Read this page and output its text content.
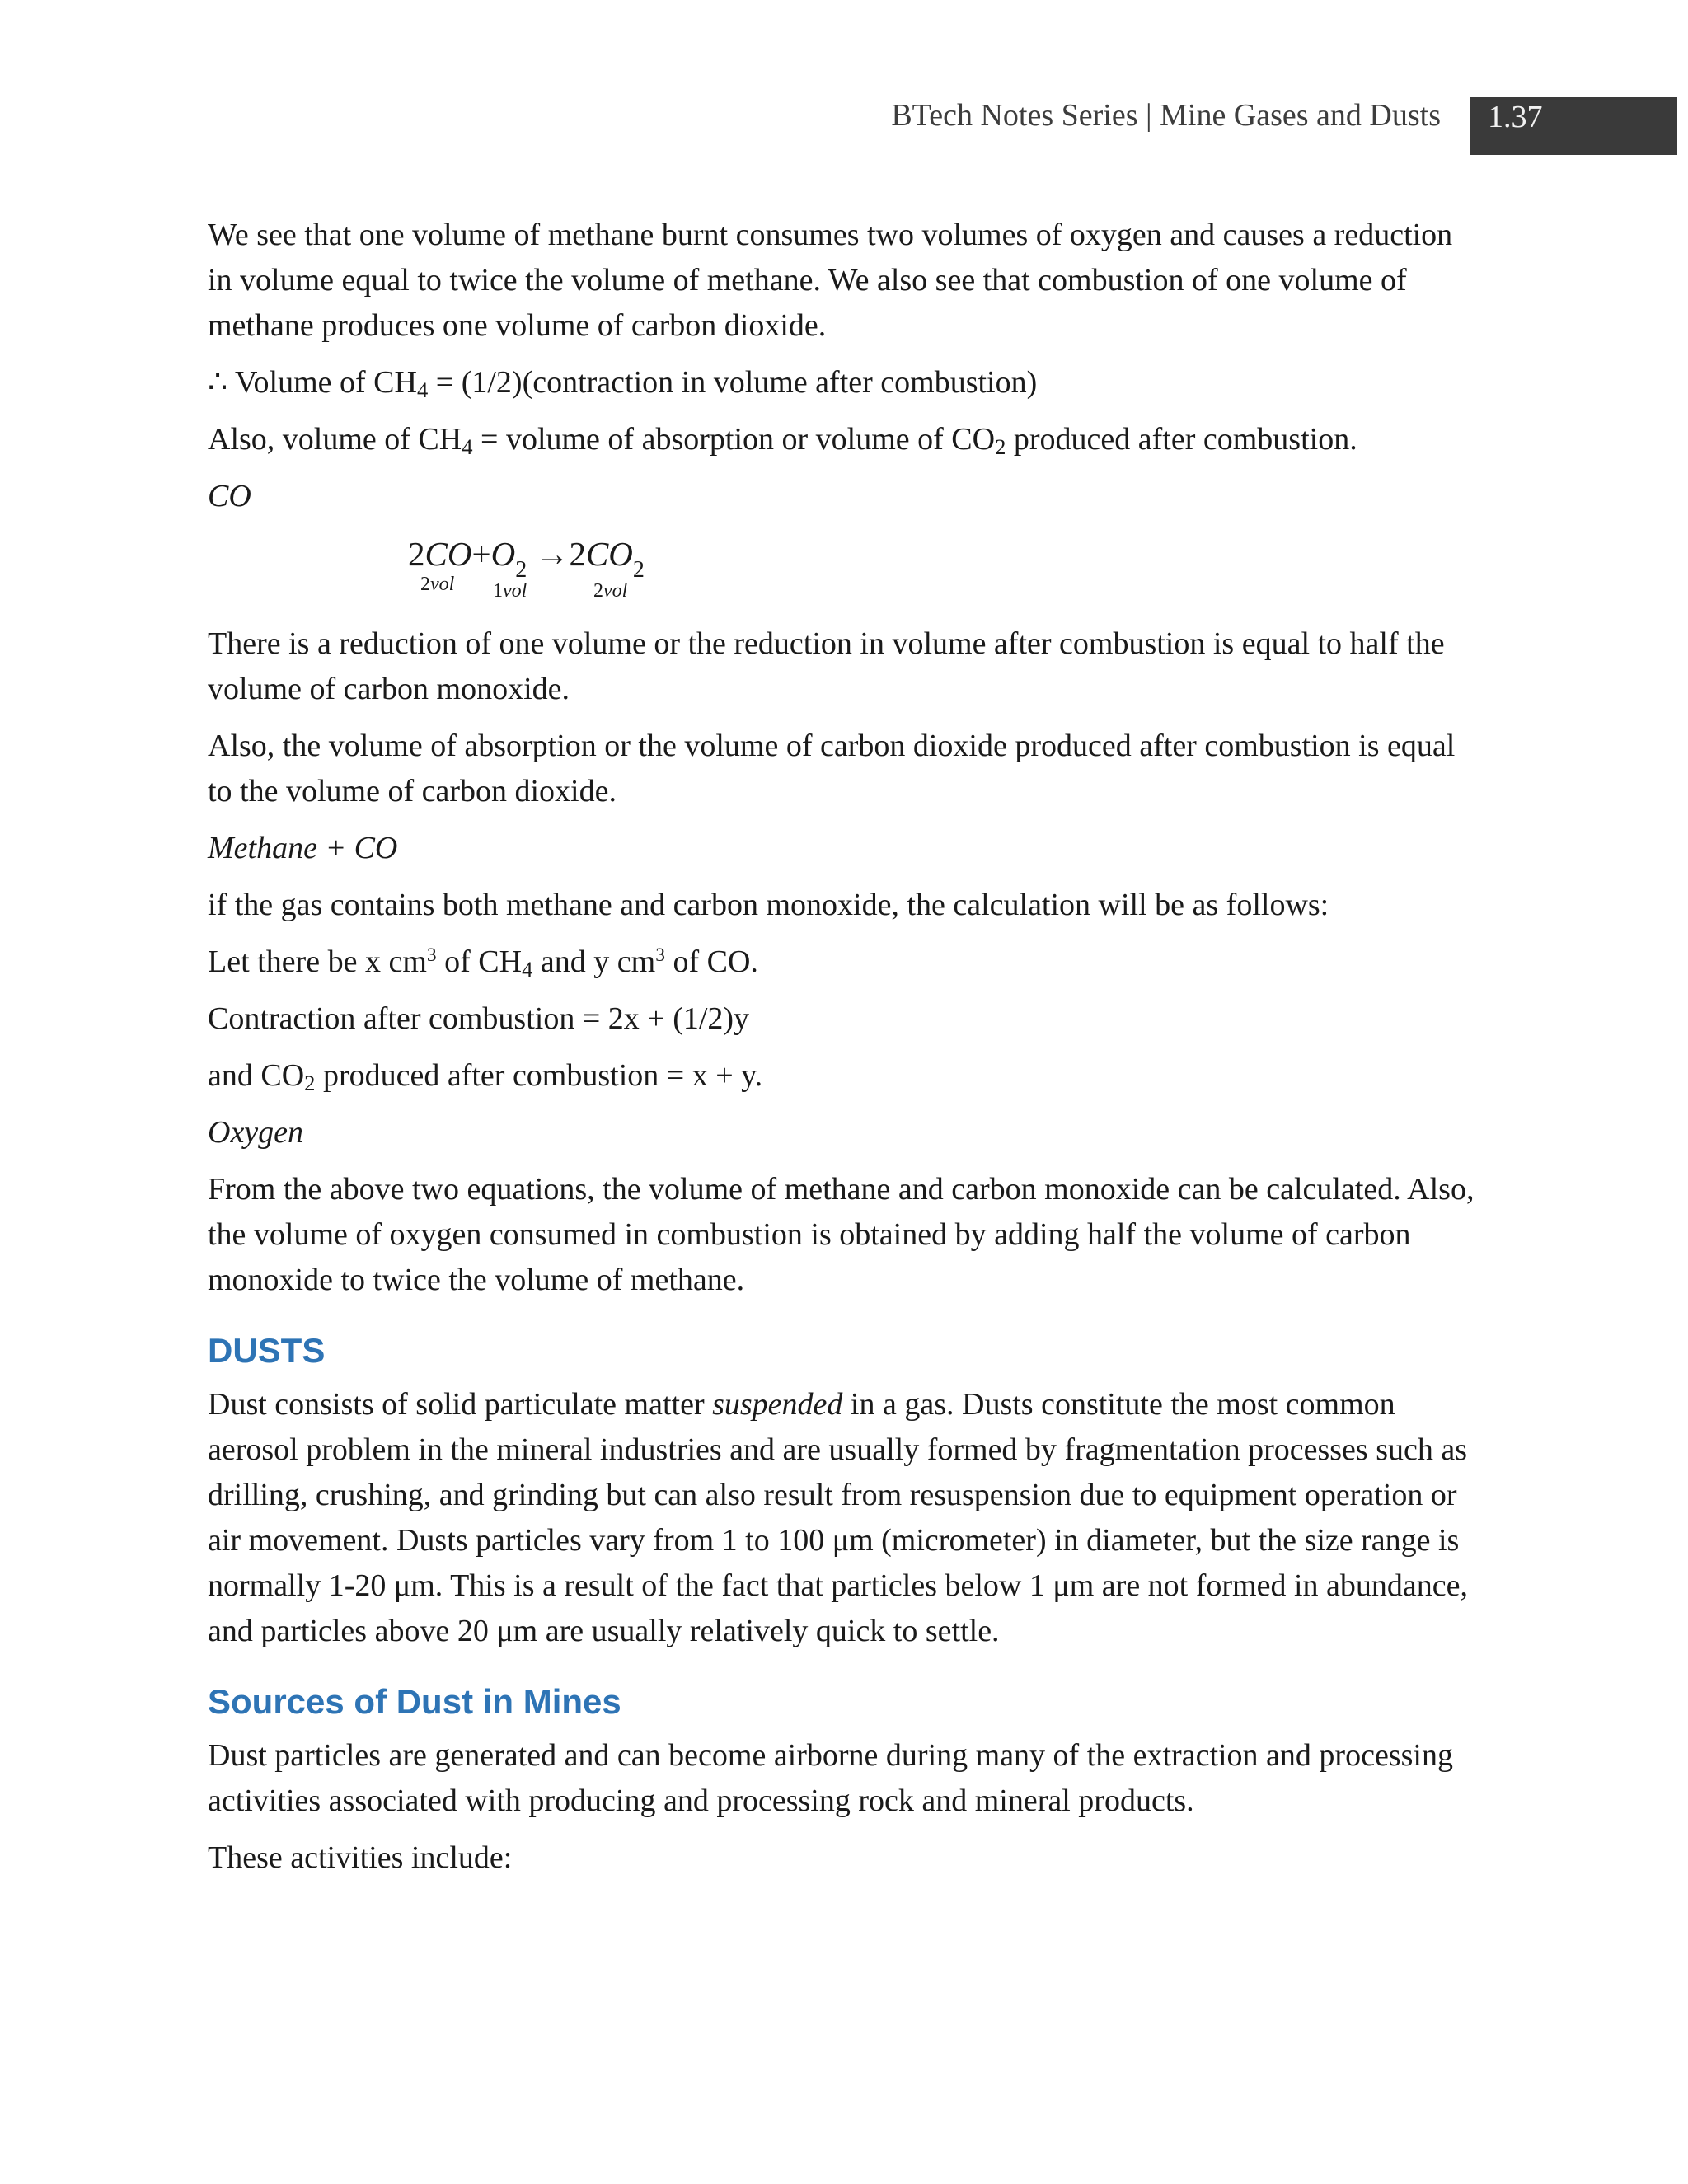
BTech Notes Series | Mine Gases and Dusts 1.37

We see that one volume of methane burnt consumes two volumes of oxygen and causes a reduction in volume equal to twice the volume of methane. We also see that combustion of one volume of methane produces one volume of carbon dioxide.

∴ Volume of CH4 = (1/2)(contraction in volume after combustion)

Also, volume of CH4 = volume of absorption or volume of CO2 produced after combustion.

CO

$2CO+O_2 \to 2CO_2$
2vol 1vol	2vol

There is a reduction of one volume or the reduction in volume after combustion is equal to half the volume of carbon monoxide.

Also, the volume of absorption or the volume of carbon dioxide produced after combustion is equal to the volume of carbon dioxide.

Methane + CO

if the gas contains both methane and carbon monoxide, the calculation will be as follows:

Let there be x $cm^3$ of CH4 and y $cm^3$ of CO.

Contraction after combustion = 2x + (1/2)y

and CO2 produced after combustion = x + y.

Oxygen

From the above two equations, the volume of methane and carbon monoxide can be calculated. Also, the volume of oxygen consumed in combustion is obtained by adding half the volume of carbon monoxide to twice the volume of methane.

DUSTS

Dust consists of solid particulate matter suspended in a gas. Dusts constitute the most common aerosol problem in the mineral industries and are usually formed by fragmentation processes such as drilling, crushing, and grinding but can also result from resuspension due to equipment operation or air movement. Dusts particles vary from 1 to 100 μm (micrometer) in diameter, but the size range is normally 1-20 μm. This is a result of the fact that particles below 1 μm are not formed in abundance, and particles above 20 μm are usually relatively quick to settle.

Sources of Dust in Mines

Dust particles are generated and can become airborne during many of the extraction and processing activities associated with producing and processing rock and mineral products.

These activities include:
